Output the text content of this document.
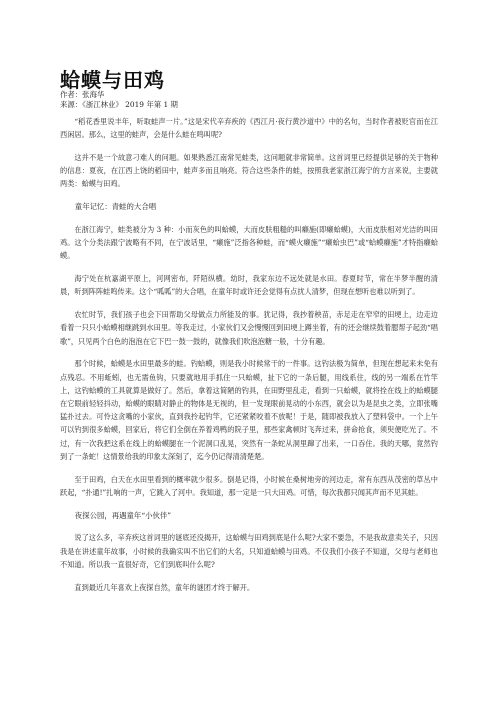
蛤蟆与田鸡
作者：张海华
来源：《浙江林业》 2019 年第 1 期

“稻花香里说丰年，听取蛙声一片。”这是宋代辛弃疾的《西江月·夜行黄沙道中》中的名句，当时作者被贬官而在江西闲居。那么，这里的蛙声，会是什么蛙在鸣叫呢?

这并不是一个故意刁难人的问题。如果熟悉江南常见蛙类，这问题就非常简单。这首词里已经提供足够的关于物种的信息：夏夜，在江西上饶的稻田中，蛙声多而且响亮。符合这些条件的蛙，按照我老家浙江海宁的方言来说，主要就两类：蛤蟆与田鸡。

童年记忆：青蛙的大合唱

在浙江海宁，蛙类被分为 3 种：小而灰色的叫蛤蟆，大而皮肤粗糙的叫癞施(即癞蛤蟆)，大而皮肤相对光洁的叫田鸡。这个分类法跟宁波略有不同，在宁波话里，“癞施”泛指各种蛙，而“蟆火癞施”“癞蛤虫巴”或“蛤蟆癞施”才特指癞蛤蟆。

海宁处在杭嘉湖平原上，河网密布，阡陌纵横。幼时，我家东边不远处就是水田。春夏时节，常在半梦半醒的清晨，听到阵阵蛙鸣传来。这个“呱呱”的大合唱，在童年时或许还会觉得有点扰人清梦，但现在想听也难以听到了。

农忙时节，我们孩子也会下田帮助父母做点力所能及的事。犹记得，我抄着秧苗，赤足走在窄窄的田埂上，边走边看着一只只小蛤蟆相继跳到水田里。等我走过，小家伙们又会慢慢回到田埂上蹲坐着，有的还会继续鼓着腮帮子起劲“唱歌”，只见两个白色的泡泡在它下巴一鼓一鼓的，就像我们吹泡泡糖一般，十分有趣。

那个时候，蛤蟆是水田里最多的蛙。钓蛤蟆，则是我小时候常干的一件事。这钓法极为简单，但现在想起来未免有点残忍。不用蚯蚓，也无需鱼钩，只要就地用手抓住一只蛤蟆，扯下它的一条后腿，用线系住，线的另一端系在竹竿上，这钓蛤蟆的工具就算是做好了。然后，拿着这简陋的钓具，在田野里乱走，看到一只蛤蟆，就将拴在线上的蛤蟆腿在它眼前轻轻抖动，蛤蟆的眼睛对静止的物体是无视的，但一发现眼前晃动的小东西，就会以为是昆虫之类，立即张嘴猛扑过去。可怜这贪嘴的小家伙，直到我拎起钓竿，它还紧紧咬着不放呢！于是，随即被我放入了塑料袋中。一个上午可以钓到很多蛤蟆，回家后，将它们全倒在养着鸡鸭的院子里，那些家禽顿时飞奔过来，拼命抢食，须臾便吃光了。不过，有一次我把这系在线上的蛤蟆腿在一个泥洞口乱晃，突然有一条蛇从洞里蹿了出来，一口吞住。我的天哪，竟然钓到了一条蛇！这情景给我的印象太深刻了，迄今仍记得清清楚楚。

至于田鸡，白天在水田里看到的概率就少很多。倒是记得，小时候在桑树地旁的河边走，常有东西从茂密的草丛中跃起，“扑通!”扎响的一声，它跳入了河中。我知道，那一定是一只大田鸡。可惜，每次我都只闻其声而不见其蛙。

夜探公园，再遇童年“小伙伴”

说了这么多，辛弃疾这首词里的谜底还没揭开，这蛤蟆与田鸡到底是什么呢?大家不要急，不是我故意卖关子，只因我是在讲述童年故事，小时候的我确实叫不出它们的大名，只知道蛤蟆与田鸡。不仅我们小孩子不知道，父母与老师也不知道。所以我一直很好奇，它们到底叫什么呢?

直到最近几年喜欢上夜探自然，童年的谜团才终于解开。
